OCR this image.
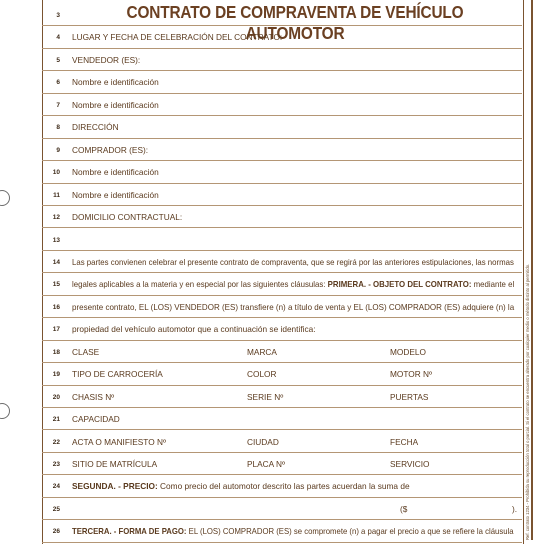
Ref. contrato 1234 - Prohibida su reproducción total o parcial. Si el contrato se encuentra alterado por cualquier medio o método distinto al permitido.
CONTRATO DE COMPRAVENTA DE VEHÍCULO AUTOMOTOR
3
4 LUGAR Y FECHA DE CELEBRACIÓN DEL CONTRATO:
5 VENDEDOR (ES):
6 Nombre e identificación
7 Nombre e identificación
8 DIRECCIÓN
9 COMPRADOR (ES):
10 Nombre e identificación
11 Nombre e identificación
12 DOMICILIO CONTRACTUAL:
13
14 Las partes convienen celebrar el presente contrato de compraventa, que se regirá por las anteriores estipulaciones, las normas
15 legales aplicables a la materia y en especial por las siguientes cláusulas: PRIMERA. - OBJETO DEL CONTRATO: mediante el
16 presente contrato, EL (LOS) VENDEDOR (ES) transfiere (n) a título de venta y EL (LOS) COMPRADOR (ES) adquiere (n) la
17 propiedad del vehículo automotor que a continuación se identifica:
18 CLASE	MARCA	MODELO
19 TIPO DE CARROCERÍA	COLOR	MOTOR Nº
20 CHASIS Nº	SERIE Nº	PUERTAS
21 CAPACIDAD
22 ACTA O MANIFIESTO Nº	CIUDAD	FECHA
23 SITIO DE MATRÍCULA	PLACA Nº	SERVICIO
24 SEGUNDA. - PRECIO: Como precio del automotor descrito las partes acuerdan la suma de
25	($	).
26 TERCERA. - FORMA DE PAGO: EL (LOS) COMPRADOR (ES) se compromete (n) a pagar el precio a que se refiere la cláusula
